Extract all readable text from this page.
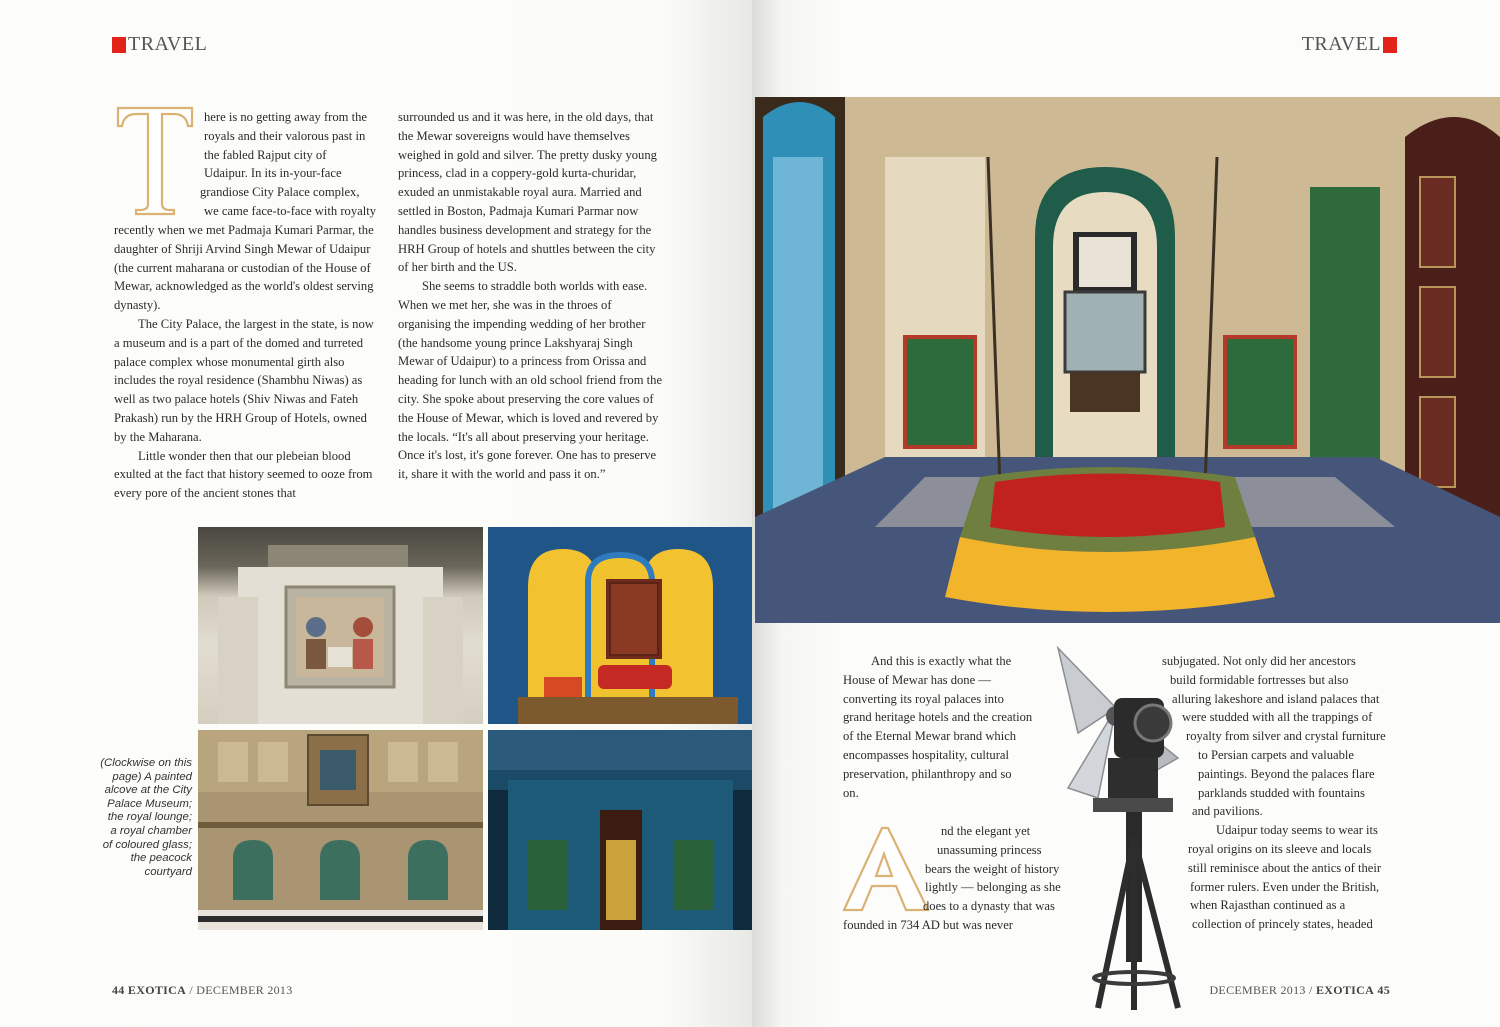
TRAVEL
here is no getting away from the
royals and their valorous past in
the fabled Rajput city of
Udaipur. In its in-your-face
grandiose City Palace complex,
we came face-to-face with royalty

recently when we met Padmaja Kumari Parmar, the daughter of Shriji Arvind Singh Mewar of Udaipur (the current maharana or custodian of the House of Mewar, acknowledged as the world's oldest serving dynasty).

The City Palace, the largest in the state, is now a museum and is a part of the domed and turreted palace complex whose monumental girth also includes the royal residence (Shambhu Niwas) as well as two palace hotels (Shiv Niwas and Fateh Prakash) run by the HRH Group of Hotels, owned by the Maharana.

Little wonder then that our plebeian blood exulted at the fact that history seemed to ooze from every pore of the ancient stones that

surrounded us and it was here, in the old days, that the Mewar sovereigns would have themselves weighed in gold and silver. The pretty dusky young princess, clad in a coppery-gold kurta-churidar, exuded an unmistakable royal aura. Married and settled in Boston, Padmaja Kumari Parmar now handles business development and strategy for the HRH Group of hotels and shuttles between the city of her birth and the US.

She seems to straddle both worlds with ease. When we met her, she was in the throes of organising the impending wedding of her brother (the handsome young prince Lakshyaraj Singh Mewar of Udaipur) to a princess from Orissa and heading for lunch with an old school friend from the city. She spoke about preserving the core values of the House of Mewar, which is loved and revered by the locals. “It's all about preserving your heritage. Once it's lost, it's gone forever. One has to preserve it, share it with the world and pass it on.”

(Clockwise on this page) A painted alcove at the City Palace Museum; the royal lounge; a royal chamber of coloured glass; the peacock courtyard
44 EXOTICA / DECEMBER 2013
TRAVEL
DECEMBER 2013 / EXOTICA 45
And this is exactly what the
House of Mewar has done —
converting its royal palaces into
grand heritage hotels and the creation
of the Eternal Mewar brand which
encompasses hospitality, cultural
preservation, philanthropy and so
on.
nd the elegant yet
unassuming princess
bears the weight of history
lightly — belonging as she
does to a dynasty that was
founded in 734 AD but was never
subjugated. Not only did her ancestors
build formidable fortresses but also
alluring lakeshore and island palaces that
were studded with all the trappings of
royalty from silver and crystal furniture
to Persian carpets and valuable
paintings. Beyond the palaces flare
parklands studded with fountains
and pavilions.
Udaipur today seems to wear its
royal origins on its sleeve and locals
still reminisce about the antics of their
former rulers. Even under the British,
when Rajasthan continued as a
collection of princely states, headed
